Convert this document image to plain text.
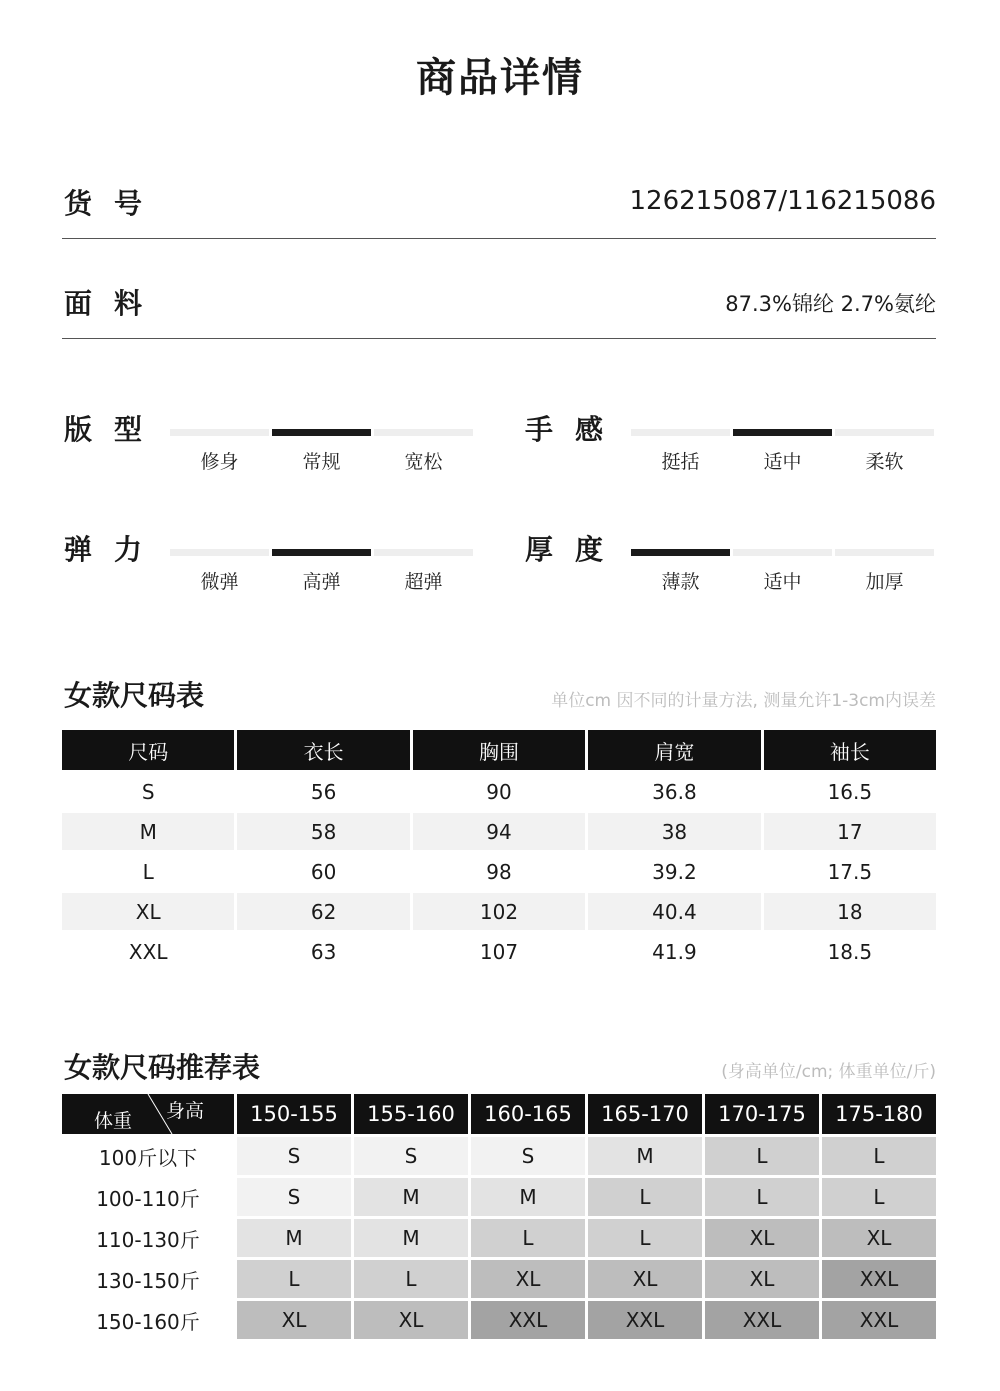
商品详情
货号	126215087/116215086
面料	87.3%锦纶 2.7%氨纶
版型	手感
弹力	厚度
修身	常规	宽松	挺括	适中	柔软
微弹	高弹	超弹	薄款	适中	加厚
女款尺码表	单位cm 因不同的计量方法, 测量允许1-3cm内误差
尺码	衣长	胸围	肩宽	袖长
S	56	90	36.8	16.5
M	58	94	38	17
L	60	98	39.2	17.5
XL	62	102	40.4	18
XXL	63	107	41.9	18.5
女款尺码推荐表	(身高单位/cm; 体重单位/斤)
体重 身高	150-155	155-160	160-165	165-170	170-175	175-180
100斤以下	S	S	S	M	L	L
100-110斤	S	M	M	L	L	L
110-130斤	M	M	L	L	XL	XL
130-150斤	L	L	XL	XL	XL	XXL
150-160斤	XL	XL	XXL	XXL	XXL	XXL
